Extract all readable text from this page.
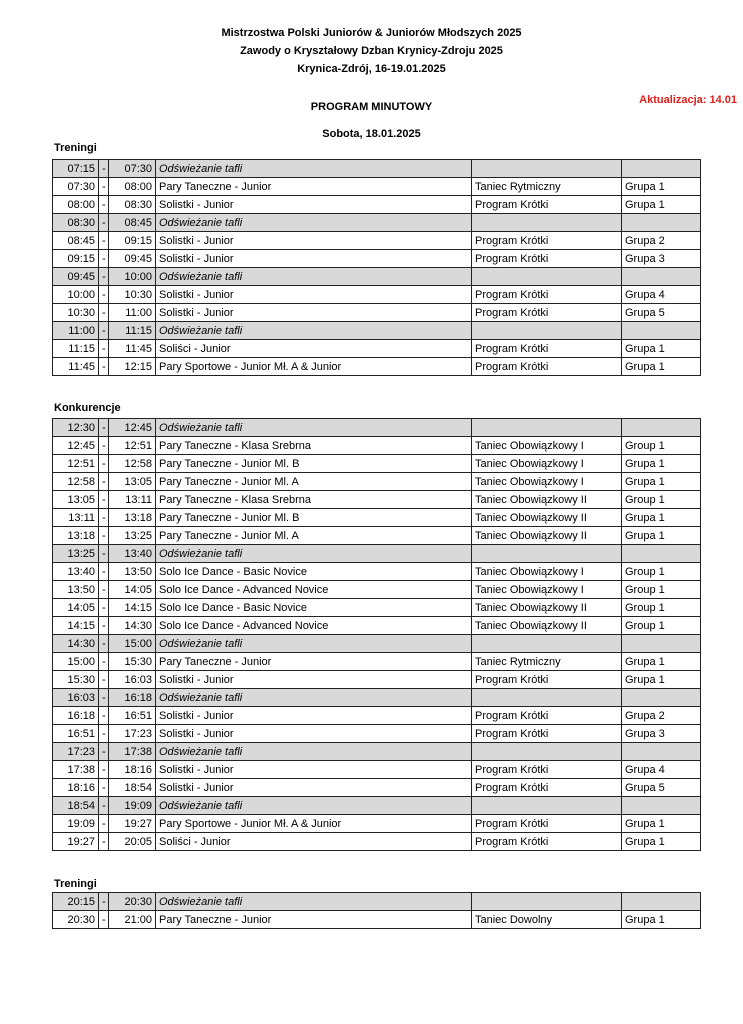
Mistrzostwa Polski Juniorów & Juniorów Młodszych 2025
Zawody o Kryształowy Dzban Krynicy-Zdroju 2025
Krynica-Zdrój, 16-19.01.2025
PROGRAM MINUTOWY
Aktualizacja: 14.01
Sobota, 18.01.2025
Treningi
07:15	-	07:30	Odświeżanie tafli		
07:30	-	08:00	Pary Taneczne - Junior	Taniec Rytmiczny	Grupa 1
08:00	-	08:30	Solistki - Junior	Program Krótki	Grupa 1
08:30	-	08:45	Odświeżanie tafli		
08:45	-	09:15	Solistki - Junior	Program Krótki	Grupa 2
09:15	-	09:45	Solistki - Junior	Program Krótki	Grupa 3
09:45	-	10:00	Odświeżanie tafli		
10:00	-	10:30	Solistki - Junior	Program Krótki	Grupa 4
10:30	-	11:00	Solistki - Junior	Program Krótki	Grupa 5
11:00	-	11:15	Odświeżanie tafli		
11:15	-	11:45	Soliści - Junior	Program Krótki	Grupa 1
11:45	-	12:15	Pary Sportowe - Junior Mł. A & Junior	Program Krótki	Grupa 1
Konkurencje
12:30	-	12:45	Odświeżanie tafli		
12:45	-	12:51	Pary Taneczne - Klasa Srebrna	Taniec Obowiązkowy I	Group 1
12:51	-	12:58	Pary Taneczne - Junior Ml. B	Taniec Obowiązkowy I	Grupa 1
12:58	-	13:05	Pary Taneczne - Junior Ml. A	Taniec Obowiązkowy I	Grupa 1
13:05	-	13:11	Pary Taneczne - Klasa Srebrna	Taniec Obowiązkowy II	Group 1
13:11	-	13:18	Pary Taneczne - Junior Ml. B	Taniec Obowiązkowy II	Grupa 1
13:18	-	13:25	Pary Taneczne - Junior Ml. A	Taniec Obowiązkowy II	Grupa 1
13:25	-	13:40	Odświeżanie tafli		
13:40	-	13:50	Solo Ice Dance - Basic Novice	Taniec Obowiązkowy I	Group 1
13:50	-	14:05	Solo Ice Dance - Advanced Novice	Taniec Obowiązkowy I	Group 1
14:05	-	14:15	Solo Ice Dance - Basic Novice	Taniec Obowiązkowy II	Group 1
14:15	-	14:30	Solo Ice Dance - Advanced Novice	Taniec Obowiązkowy II	Group 1
14:30	-	15:00	Odświeżanie tafli		
15:00	-	15:30	Pary Taneczne - Junior	Taniec Rytmiczny	Grupa 1
15:30	-	16:03	Solistki - Junior	Program Krótki	Grupa 1
16:03	-	16:18	Odświeżanie tafli		
16:18	-	16:51	Solistki - Junior	Program Krótki	Grupa 2
16:51	-	17:23	Solistki - Junior	Program Krótki	Grupa 3
17:23	-	17:38	Odświeżanie tafli		
17:38	-	18:16	Solistki - Junior	Program Krótki	Grupa 4
18:16	-	18:54	Solistki - Junior	Program Krótki	Grupa 5
18:54	-	19:09	Odświeżanie tafli		
19:09	-	19:27	Pary Sportowe - Junior Mł. A & Junior	Program Krótki	Grupa 1
19:27	-	20:05	Soliści - Junior	Program Krótki	Grupa 1
Treningi
20:15	-	20:30	Odświeżanie tafli		
20:30	-	21:00	Pary Taneczne - Junior	Taniec Dowolny	Grupa 1
